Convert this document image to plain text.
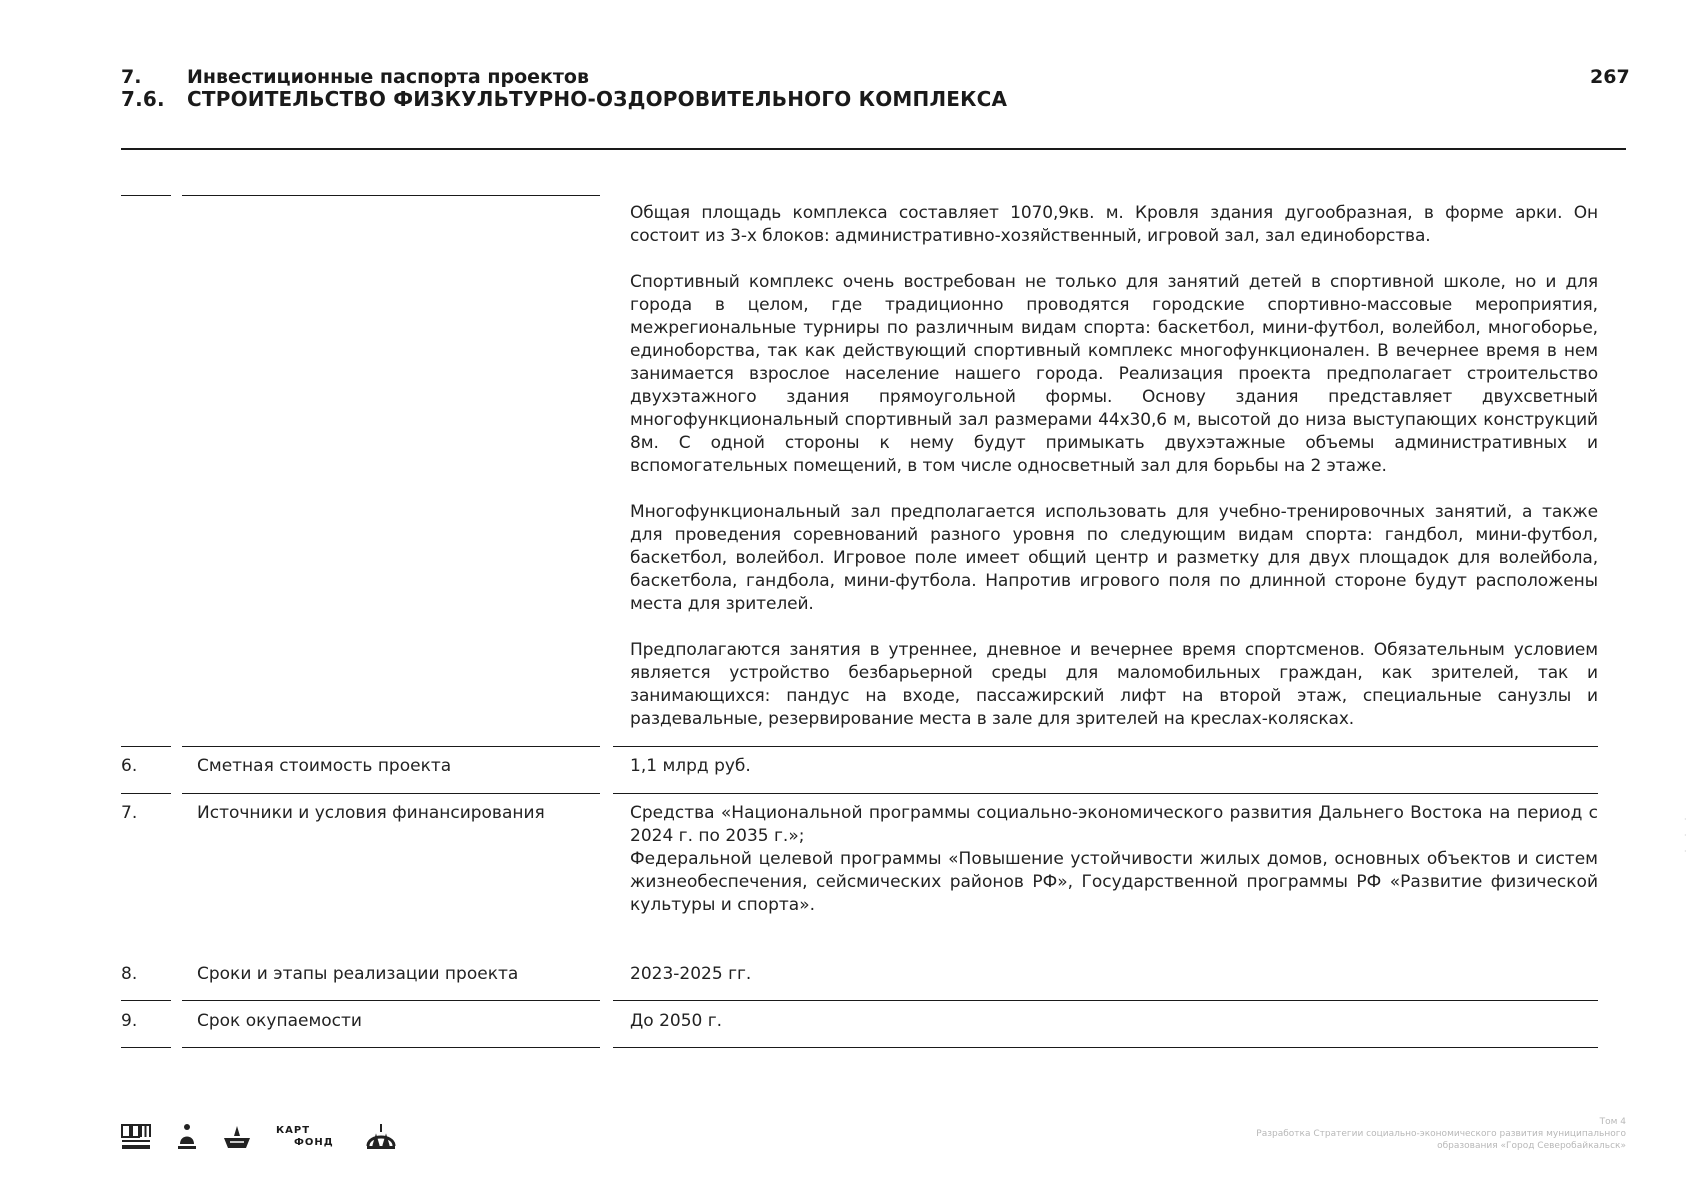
7.	Инвестиционные паспорта проектов
7.6.	СТРОИТЕЛЬСТВО ФИЗКУЛЬТУРНО-ОЗДОРОВИТЕЛЬНОГО КОМПЛЕКСА
267

Общая площадь комплекса составляет 1070,9кв. м. Кровля здания дугообразная, в форме арки. Он состоит из 3-х блоков: административно-хозяйственный, игровой зал, зал единоборства.

Спортивный комплекс очень востребован не только для занятий детей в спортивной школе, но и для города в целом, где традиционно проводятся городские спортивно-массовые мероприятия, межрегиональные турниры по различным видам спорта: баскетбол, мини-футбол, волейбол, многоборье, единоборства, так как действующий спортивный комплекс многофункционален. В вечернее время в нем занимается взрослое население нашего города. Реализация проекта предполагает строительство двухэтажного здания прямоугольной формы. Основу здания представляет двухсветный многофункциональный спортивный зал размерами 44х30,6 м, высотой до низа выступающих конструкций 8м. С одной стороны к нему будут примыкать двухэтажные объемы административных и вспомогательных помещений, в том числе односветный зал для борьбы на 2 этаже.

Многофункциональный зал предполагается использовать для учебно-тренировочных занятий, а также для проведения соревнований разного уровня по следующим видам спорта: гандбол, мини-футбол, баскетбол, волейбол. Игровое поле имеет общий центр и разметку для двух площадок для волейбола, баскетбола, гандбола, мини-футбола. Напротив игрового поля по длинной стороне будут расположены места для зрителей.

Предполагаются занятия в утреннее, дневное и вечернее время спортсменов. Обязательным условием является устройство безбарьерной среды для маломобильных граждан, как зрителей, так и занимающихся: пандус на входе, пассажирский лифт на второй этаж, специальные санузлы и раздевальные, резервирование места в зале для зрителей на креслах-колясках.

6.	Сметная стоимость проекта	1,1 млрд руб.
7.	Источники и условия финансирования	Средства «Национальной программы социально-экономического развития Дальнего Востока на период с 2024 г. по 2035 г.»;
Федеральной целевой программы «Повышение устойчивости жилых домов, основных объектов и систем жизнеобеспечения, сейсмических районов РФ», Государственной программы РФ «Развитие физической культуры и спорта».
8.	Сроки и этапы реализации проекта	2023-2025 гг.
9.	Срок окупаемости	До 2050 г.
·
·
·
КАРТ
ФОНД
Том 4
Разработка Стратегии социально-экономического развития муниципального
образования «Город Северобайкальск»
